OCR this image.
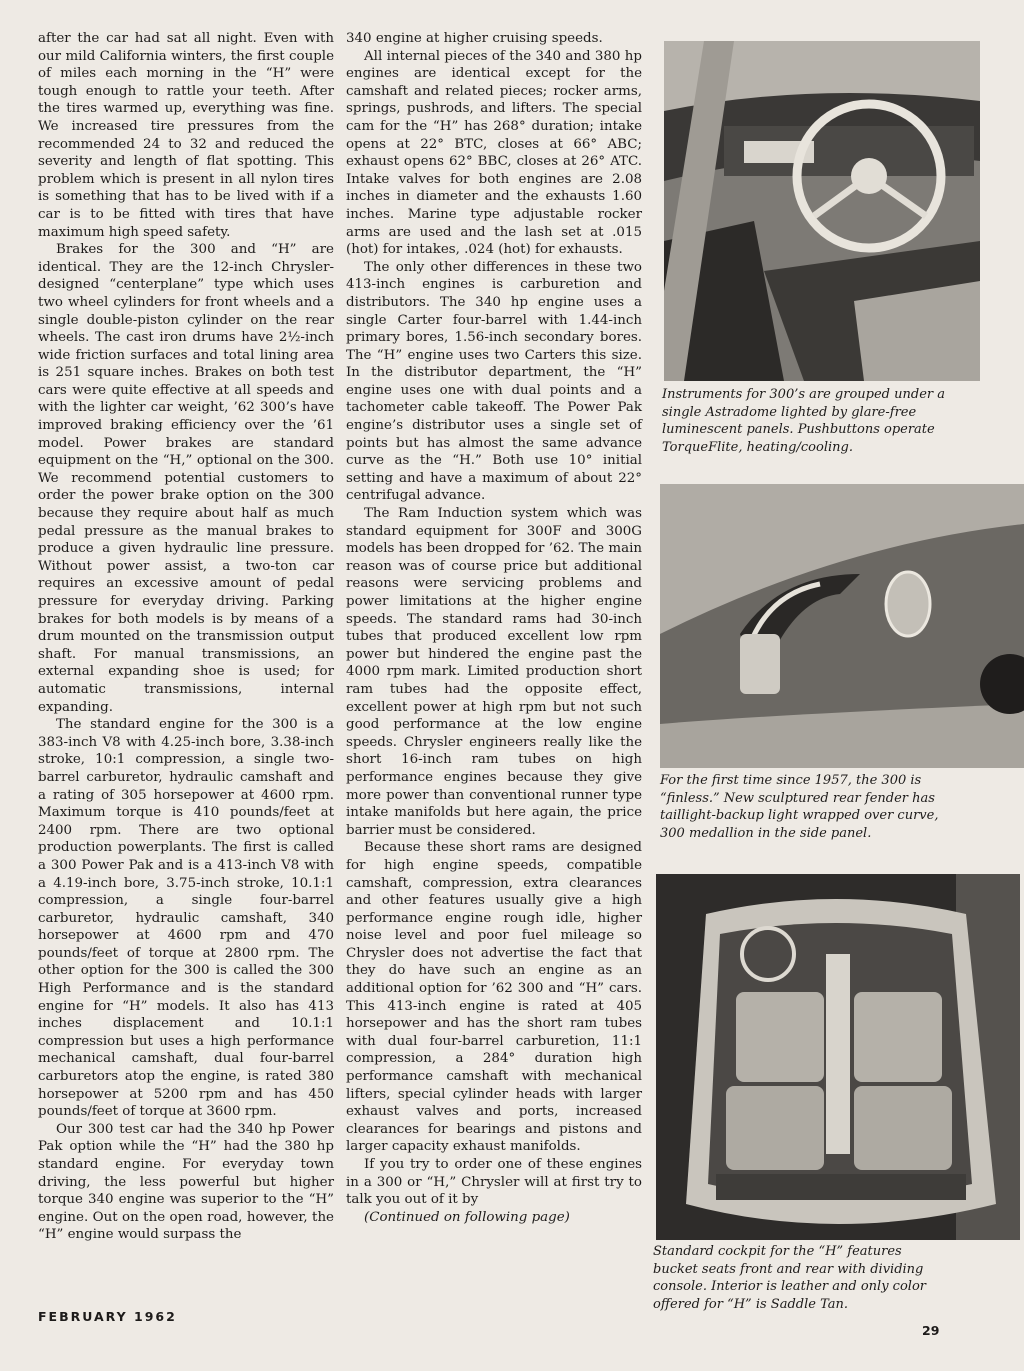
after the car had sat all night. Even with our mild California winters, the first couple of miles each morning in the “H” were tough enough to rattle your teeth. After the tires warmed up, everything was fine. We increased tire pressures from the recommended 24 to 32 and reduced the severity and length of flat spotting. This problem which is present in all nylon tires is something that has to be lived with if a car is to be fitted with tires that have maximum high speed safety.

Brakes for the 300 and “H” are identical. They are the 12-inch Chrysler-designed “centerplane” type which uses two wheel cylinders for front wheels and a single double-piston cylinder on the rear wheels. The cast iron drums have 2½-inch wide friction surfaces and total lining area is 251 square inches. Brakes on both test cars were quite effective at all speeds and with the lighter car weight, ’62 300’s have improved braking efficiency over the ’61 model. Power brakes are standard equipment on the “H,” optional on the 300. We recommend potential customers to order the power brake option on the 300 because they require about half as much pedal pressure as the manual brakes to produce a given hydraulic line pressure. Without power assist, a two-ton car requires an excessive amount of pedal pressure for everyday driving. Parking brakes for both models is by means of a drum mounted on the transmission output shaft. For manual transmissions, an external expanding shoe is used; for automatic transmissions, internal expanding.

The standard engine for the 300 is a 383-inch V8 with 4.25-inch bore, 3.38-inch stroke, 10:1 compression, a single two-barrel carburetor, hydraulic camshaft and a rating of 305 horsepower at 4600 rpm. Maximum torque is 410 pounds/feet at 2400 rpm. There are two optional production powerplants. The first is called a 300 Power Pak and is a 413-inch V8 with a 4.19-inch bore, 3.75-inch stroke, 10.1:1 compression, a single four-barrel carburetor, hydraulic camshaft, 340 horsepower at 4600 rpm and 470 pounds/feet of torque at 2800 rpm. The other option for the 300 is called the 300 High Performance and is the standard engine for “H” models. It also has 413 inches displacement and 10.1:1 compression but uses a high performance mechanical camshaft, dual four-barrel carburetors atop the engine, is rated 380 horsepower at 5200 rpm and has 450 pounds/feet of torque at 3600 rpm.

Our 300 test car had the 340 hp Power Pak option while the “H” had the 380 hp standard engine. For everyday town driving, the less powerful but higher torque 340 engine was superior to the “H” engine. Out on the open road, however, the “H” engine would surpass the

340 engine at higher cruising speeds.

All internal pieces of the 340 and 380 hp engines are identical except for the camshaft and related pieces; rocker arms, springs, pushrods, and lifters. The special cam for the “H” has 268° duration; intake opens at 22° BTC, closes at 66° ABC; exhaust opens 62° BBC, closes at 26° ATC. Intake valves for both engines are 2.08 inches in diameter and the exhausts 1.60 inches. Marine type adjustable rocker arms are used and the lash set at .015 (hot) for intakes, .024 (hot) for exhausts.

The only other differences in these two 413-inch engines is carburetion and distributors. The 340 hp engine uses a single Carter four-barrel with 1.44-inch primary bores, 1.56-inch secondary bores. The “H” engine uses two Carters this size. In the distributor department, the “H” engine uses one with dual points and a tachometer cable takeoff. The Power Pak engine’s distributor uses a single set of points but has almost the same advance curve as the “H.” Both use 10° initial setting and have a maximum of about 22° centrifugal advance.

The Ram Induction system which was standard equipment for 300F and 300G models has been dropped for ’62. The main reason was of course price but additional reasons were servicing problems and power limitations at the higher engine speeds. The standard rams had 30-inch tubes that produced excellent low rpm power but hindered the engine past the 4000 rpm mark. Limited production short ram tubes had the opposite effect, excellent power at high rpm but not such good performance at the low engine speeds. Chrysler engineers really like the short 16-inch ram tubes on high performance engines because they give more power than conventional runner type intake manifolds but here again, the price barrier must be considered.

Because these short rams are designed for high engine speeds, compatible camshaft, compression, extra clearances and other features usually give a high performance engine rough idle, higher noise level and poor fuel mileage so Chrysler does not advertise the fact that they do have such an engine as an additional option for ’62 300 and “H” cars. This 413-inch engine is rated at 405 horsepower and has the short ram tubes with dual four-barrel carburetion, 11:1 compression, a 284° duration high performance camshaft with mechanical lifters, special cylinder heads with larger exhaust valves and ports, increased clearances for bearings and pistons and larger capacity exhaust manifolds.

If you try to order one of these engines in a 300 or “H,” Chrysler will at first try to talk you out of it by

(Continued on following page)

Instruments for 300’s are grouped under a single Astradome lighted by glare-free luminescent panels. Pushbuttons operate TorqueFlite, heating/cooling.
For the first time since 1957, the 300 is “finless.” New sculptured rear fender has taillight-backup light wrapped over curve, 300 medallion in the side panel.
Standard cockpit for the “H” features bucket seats front and rear with dividing console. Interior is leather and only color offered for “H” is Saddle Tan.
FEBRUARY 1962
29
